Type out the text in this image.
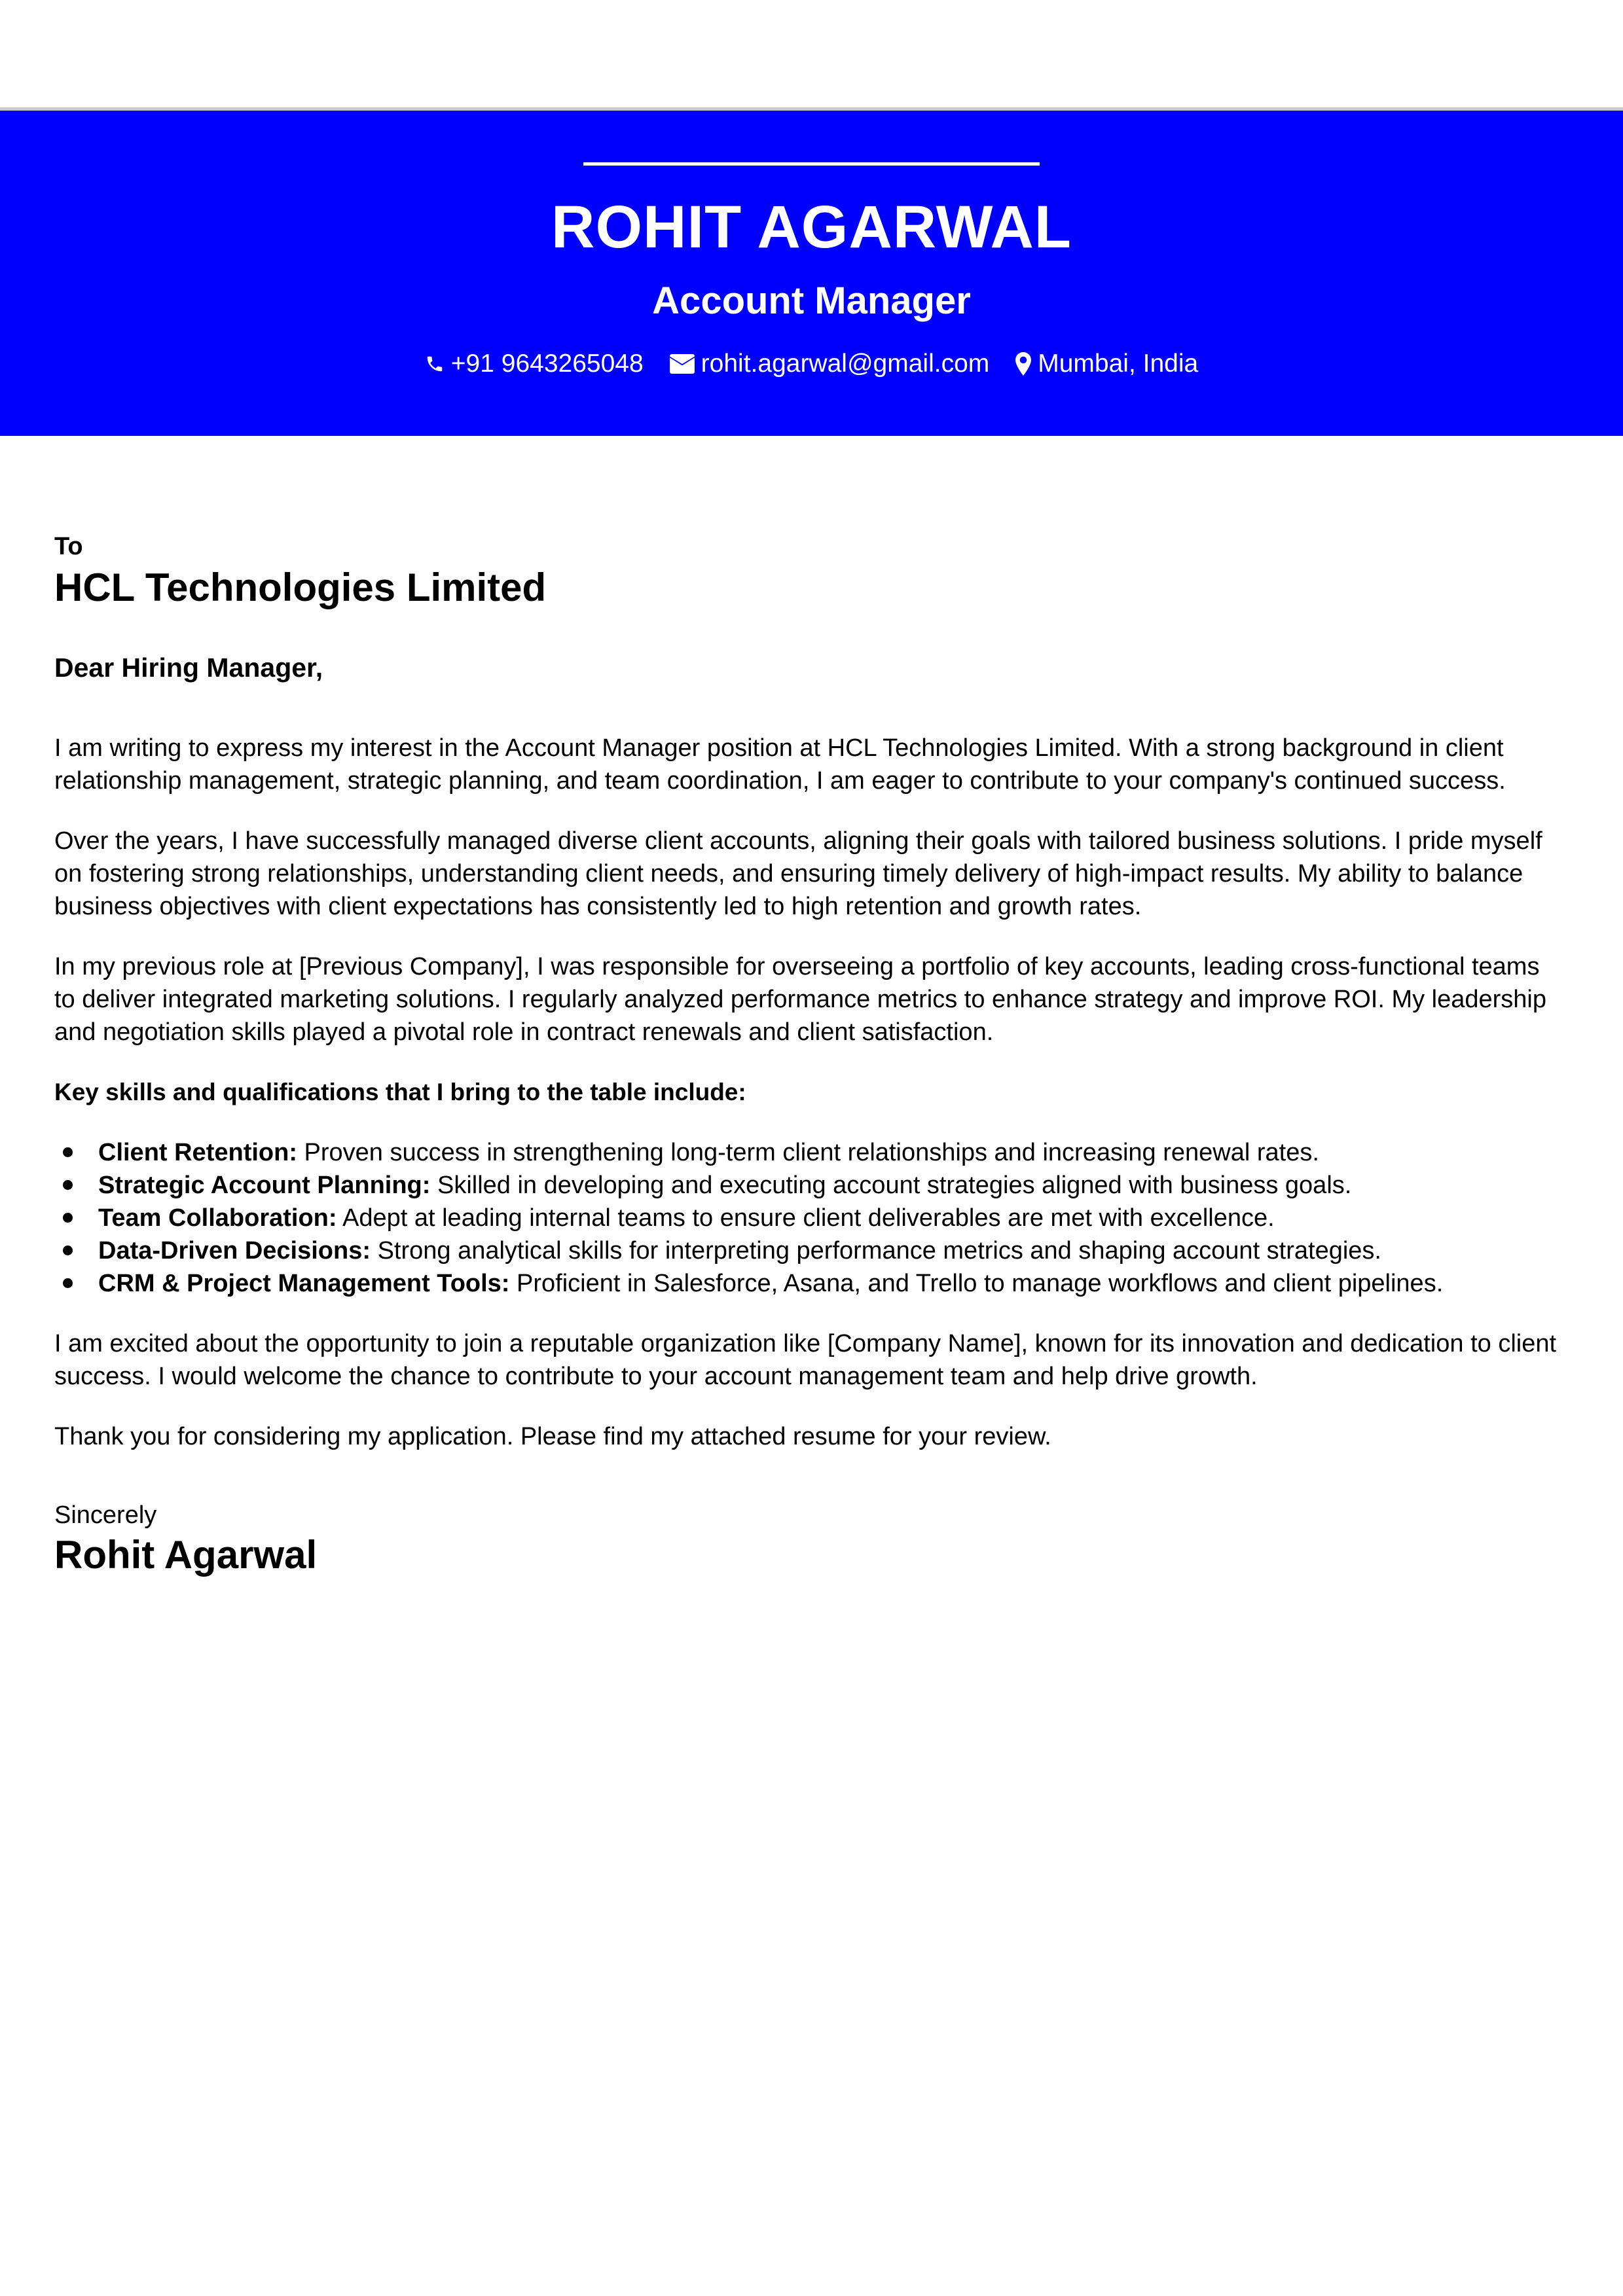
ROHIT AGARWAL
Account Manager
+91 9643265048 rohit.agarwal@gmail.com Mumbai, India
To
HCL Technologies Limited
Dear Hiring Manager,

I am writing to express my interest in the Account Manager position at HCL Technologies Limited. With a strong background in client relationship management, strategic planning, and team coordination, I am eager to contribute to your company's continued success.

Over the years, I have successfully managed diverse client accounts, aligning their goals with tailored business solutions. I pride myself on fostering strong relationships, understanding client needs, and ensuring timely delivery of high-impact results. My ability to balance business objectives with client expectations has consistently led to high retention and growth rates.

In my previous role at [Previous Company], I was responsible for overseeing a portfolio of key accounts, leading cross-functional teams to deliver integrated marketing solutions. I regularly analyzed performance metrics to enhance strategy and improve ROI. My leadership and negotiation skills played a pivotal role in contract renewals and client satisfaction.

Key skills and qualifications that I bring to the table include:
Client Retention: Proven success in strengthening long-term client relationships and increasing renewal rates.
Strategic Account Planning: Skilled in developing and executing account strategies aligned with business goals.
Team Collaboration: Adept at leading internal teams to ensure client deliverables are met with excellence.
Data-Driven Decisions: Strong analytical skills for interpreting performance metrics and shaping account strategies.
CRM & Project Management Tools: Proficient in Salesforce, Asana, and Trello to manage workflows and client pipelines.

I am excited about the opportunity to join a reputable organization like [Company Name], known for its innovation and dedication to client success. I would welcome the chance to contribute to your account management team and help drive growth.

Thank you for considering my application. Please find my attached resume for your review.

Sincerely
Rohit Agarwal
